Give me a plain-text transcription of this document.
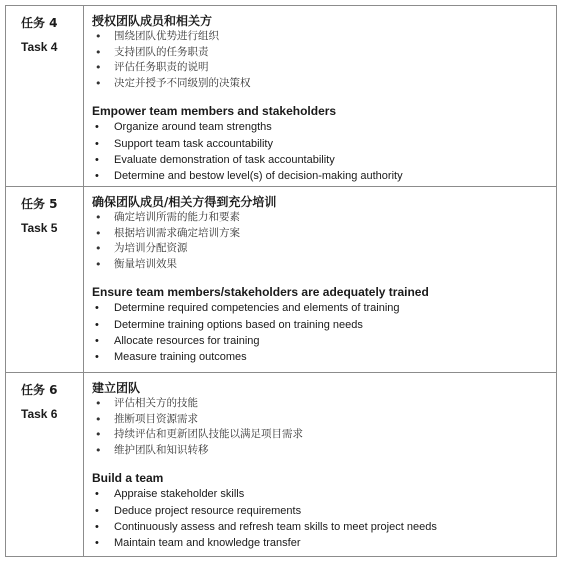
任务 4
Task 4
授权团队成员和相关方
• 围绕团队优势进行组织
• 支持团队的任务职责
• 评估任务职责的说明
• 决定并授予不同级别的决策权
Empower team members and stakeholders
• Organize around team strengths
• Support team task accountability
• Evaluate demonstration of task accountability
• Determine and bestow level(s) of decision-making authority
任务 5
Task 5
确保团队成员/相关方得到充分培训
• 确定培训所需的能力和要素
• 根据培训需求确定培训方案
• 为培训分配资源
• 衡量培训效果
Ensure team members/stakeholders are adequately trained
• Determine required competencies and elements of training
• Determine training options based on training needs
• Allocate resources for training
• Measure training outcomes
任务 6
Task 6
建立团队
• 评估相关方的技能
• 推断项目资源需求
• 持续评估和更新团队技能以满足项目需求
• 维护团队和知识转移
Build a team
• Appraise stakeholder skills
• Deduce project resource requirements
• Continuously assess and refresh team skills to meet project needs
• Maintain team and knowledge transfer
